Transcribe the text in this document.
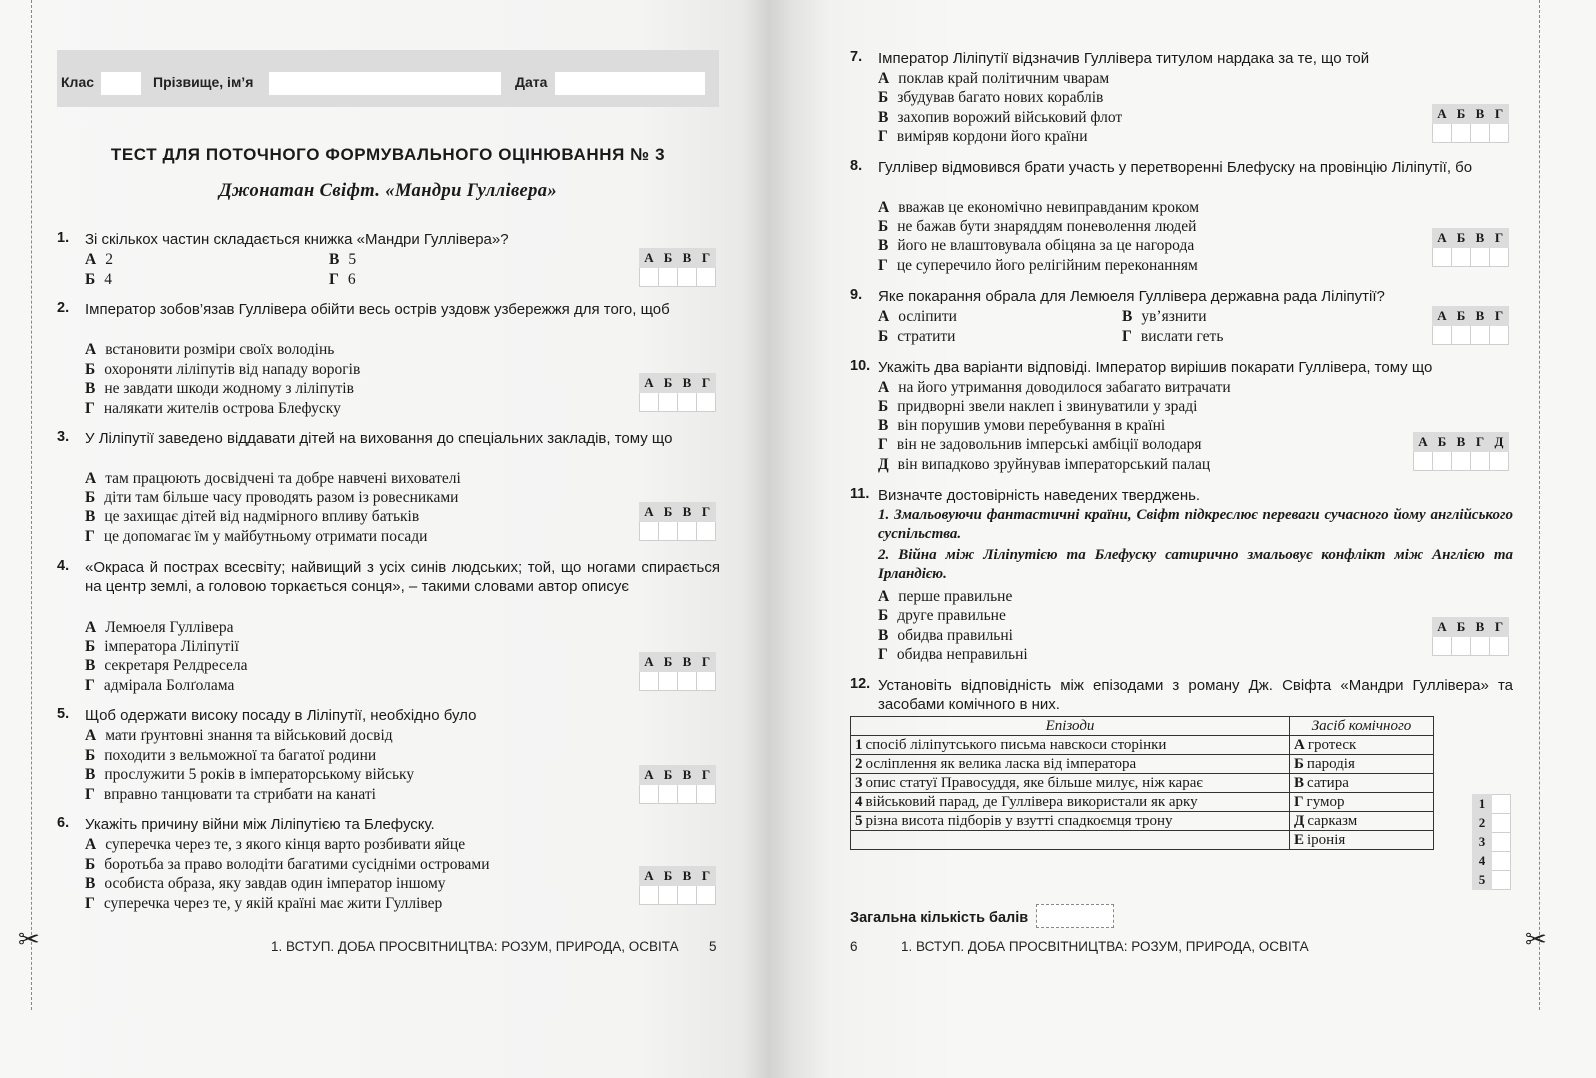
✂	✂
Клас	Прізвище, ім’я	Дата
ТЕСТ ДЛЯ ПОТОЧНОГО ФОРМУВАЛЬНОГО ОЦІНЮВАННЯ № 3
Джонатан Свіфт. «Мандри Гуллівера»
1. Зі скількох частин складається книжка «Мандри Гуллівера»?
А 2
Б 4
В 5
Г 6
А	Б	В	Г

2. Імператор зобов’язав Гуллівера обійти весь острів уздовж узбережжя для того, щоб
А встановити розміри своїх володінь
Б охороняти ліліпутів від нападу ворогів
В не завдати шкоди жодному з ліліпутів
Г налякати жителів острова Блефуску
А	Б	В	Г

3. У Ліліпутії заведено віддавати дітей на виховання до спеціальних закладів, тому що
А там працюють досвідчені та добре навчені вихователі
Б діти там більше часу проводять разом із ровесниками
В це захищає дітей від надмірного впливу батьків
Г це допомагає їм у майбутньому отримати посади
А	Б	В	Г

4. «Окраса й пострах всесвіту; найвищий з усіх синів людських; той, що ногами спирається на центр землі, а головою торкається сонця», – такими словами автор описує
А Лемюеля Гуллівера
Б імператора Ліліпутії
В секретаря Релдресела
Г адмірала Болґолама
А	Б	В	Г

5. Щоб одержати високу посаду в Ліліпутії, необхідно було
А мати ґрунтовні знання та військовий досвід
Б походити з вельможної та багатої родини
В прослужити 5 років в імператорському війську
Г вправно танцювати та стрибати на канаті
А	Б	В	Г

6. Укажіть причину війни між Ліліпутією та Блефуску.
А суперечка через те, з якого кінця варто розбивати яйце
Б боротьба за право володіти багатими сусідніми островами
В особиста образа, яку завдав один імператор іншому
Г суперечка через те, у якій країні має жити Гуллівер
А	Б	В	Г

1. ВСТУП. ДОБА ПРОСВІТНИЦТВА: РОЗУМ, ПРИРОДА, ОСВІТА 5
7. Імператор Ліліпутії відзначив Гуллівера титулом нардака за те, що той
А поклав край політичним чварам
Б збудував багато нових кораблів
В захопив ворожий військовий флот
Г виміряв кордони його країни
А	Б	В	Г

8. Гуллівер відмовився брати участь у перетворенні Блефуску на провінцію Ліліпутії, бо
А вважав це економічно невиправданим кроком
Б не бажав бути знаряддям поневолення людей
В його не влаштовувала обіцяна за це нагорода
Г це суперечило його релігійним переконанням
А	Б	В	Г

9. Яке покарання обрала для Лемюеля Гуллівера державна рада Ліліпутії?
А осліпити
Б стратити
В ув’язнити
Г вислати геть
А	Б	В	Г

10. Укажіть два варіанти відповіді. Імператор вирішив покарати Гуллівера, тому що
А на його утримання доводилося забагато витрачати
Б придворні звели наклеп і звинуватили у зраді
В він порушив умови перебування в країні
Г він не задовольнив імперські амбіції володаря
Д він випадково зруйнував імператорський палац
А	Б	В	Г	Д

11. Визначте достовірність наведених тверджень.
1. Змальовуючи фантастичні країни, Свіфт підкреслює переваги сучасного йому англійського суспільства.
2. Війна між Ліліпутією та Блефуску сатирично змальовує конфлікт між Англією та Ірландією.
А перше правильне
Б друге правильне
В обидва правильні
Г обидва неправильні
А	Б	В	Г

12. Установіть відповідність між епізодами з роману Дж. Свіфта «Мандри Гуллівера» та засобами комічного в них.
Епізоди	Засіб комічного
1 спосіб ліліпутського письма навскоси сторінки	А гротеск
2 осліплення як велика ласка від імператора	Б пародія
3 опис статуї Правосуддя, яке більше милує, ніж карає	В сатира
4 військовий парад, де Гуллівера використали як арку	Г гумор
5 різна висота підборів у взутті спадкоємця трону	Д сарказм
	Е іронія
1	
2	
3	
4	
5	
Загальна кількість балів
6	1. ВСТУП. ДОБА ПРОСВІТНИЦТВА: РОЗУМ, ПРИРОДА, ОСВІТА
